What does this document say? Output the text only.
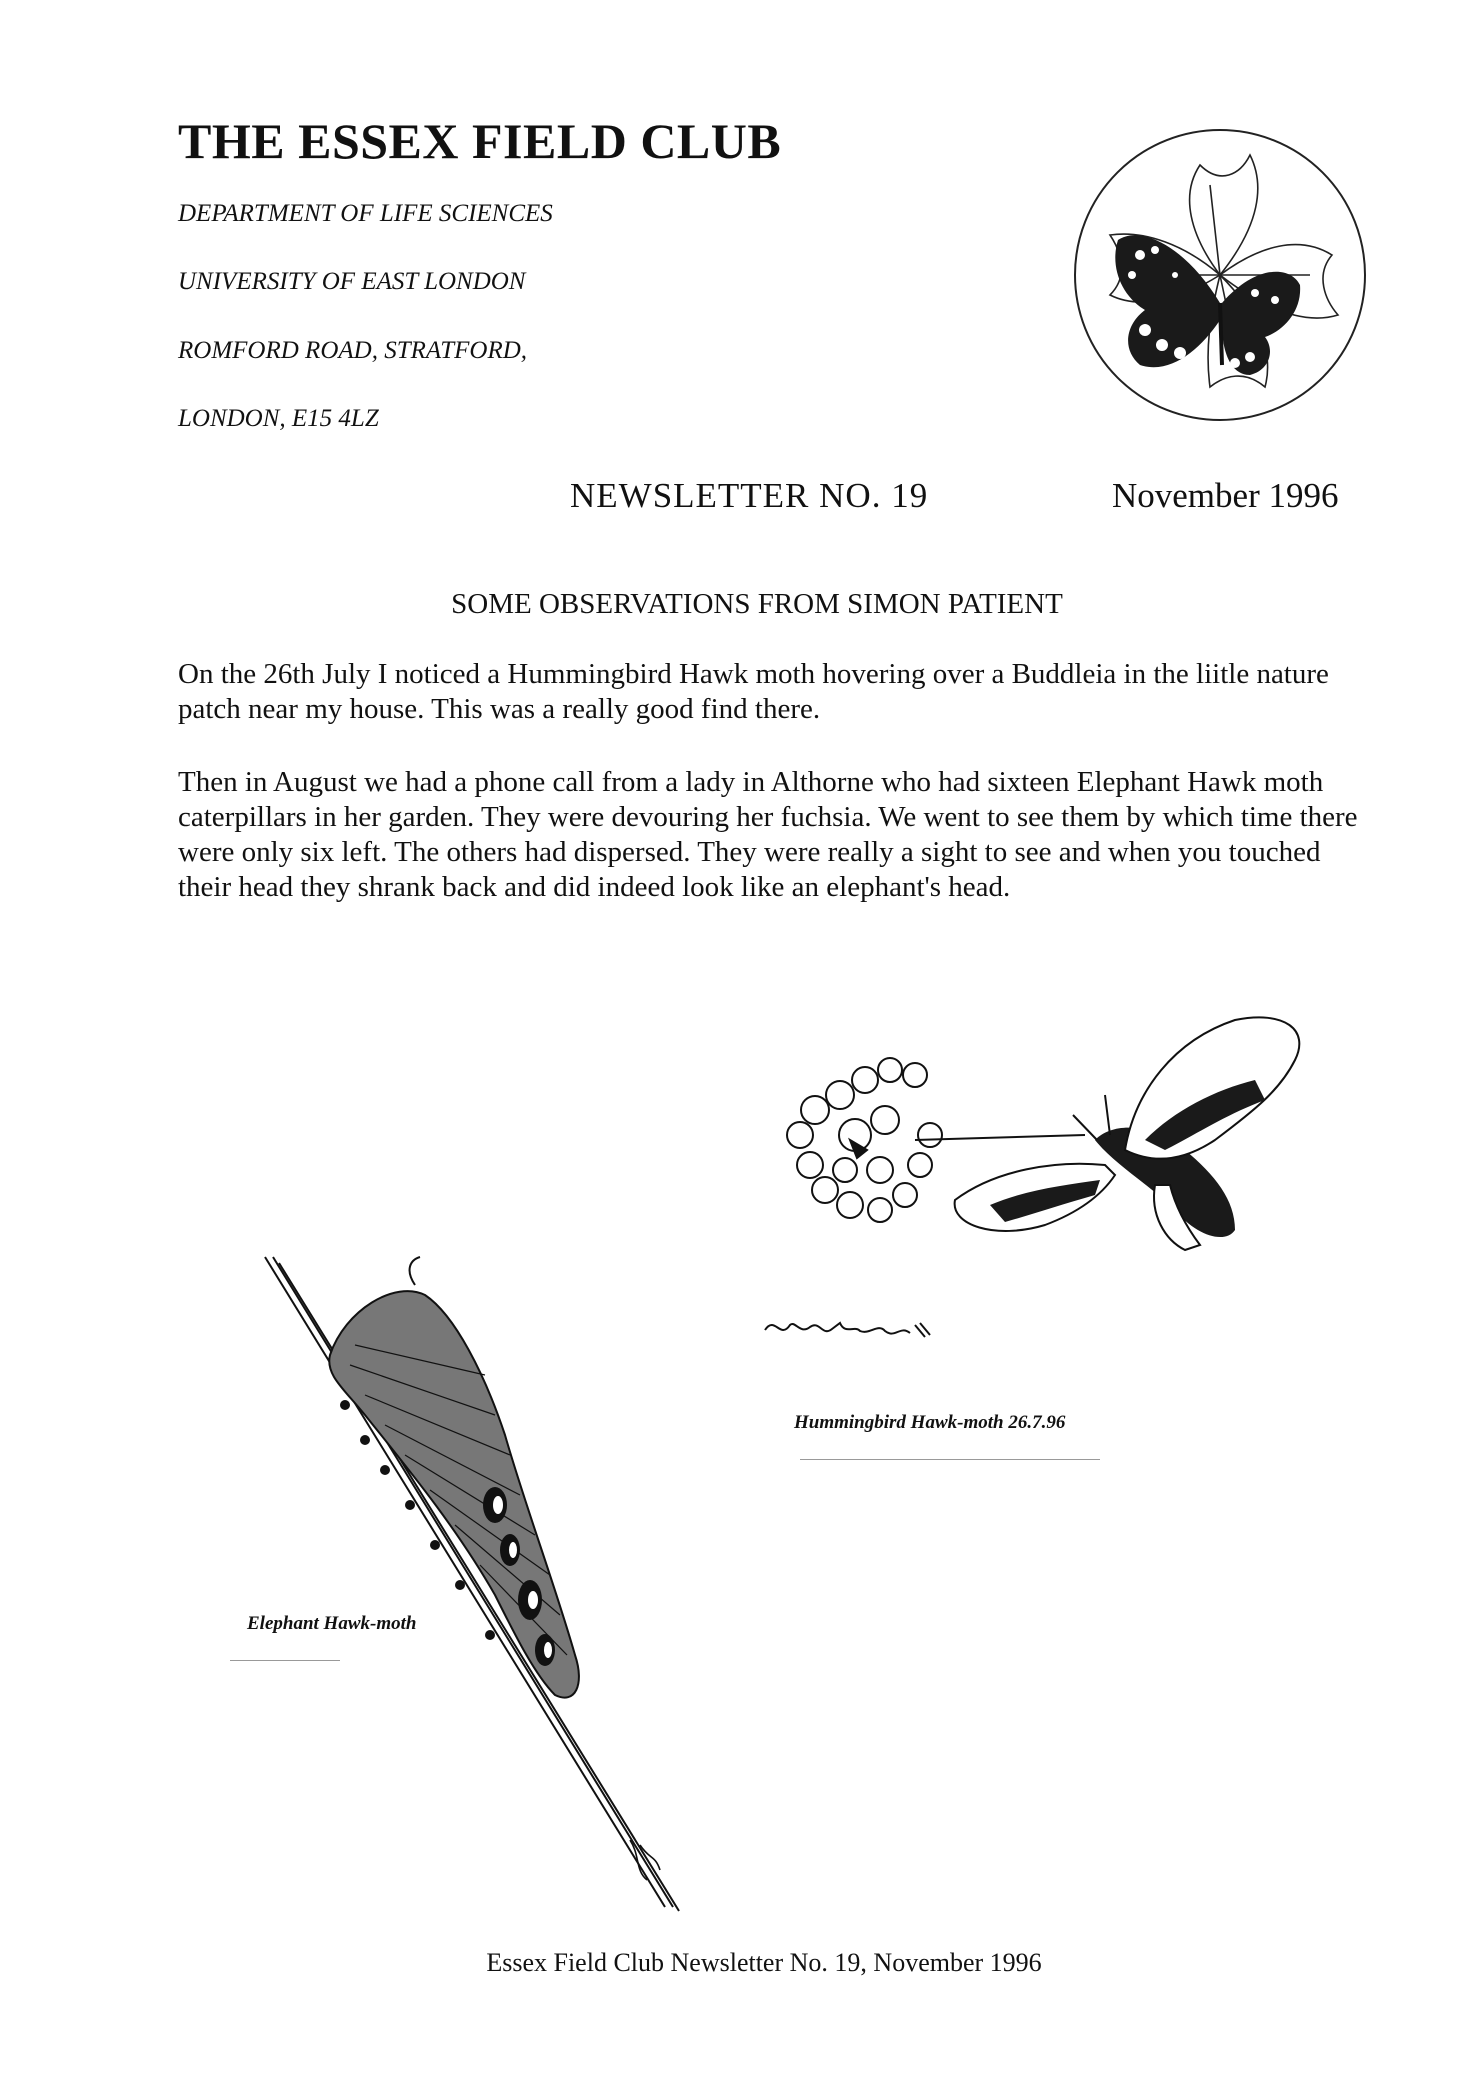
THE ESSEX FIELD CLUB
DEPARTMENT OF LIFE SCIENCES
UNIVERSITY OF EAST LONDON
ROMFORD ROAD, STRATFORD,
LONDON, E15 4LZ
NEWSLETTER NO. 19	November 1996
SOME OBSERVATIONS FROM SIMON PATIENT

On the 26th July I noticed a Hummingbird Hawk moth hovering over a Buddleia in the liitle nature patch near my house. This was a really good find there.

Then in August we had a phone call from a lady in Althorne who had sixteen Elephant Hawk moth caterpillars in her garden. They were devouring her fuchsia. We went to see them by which time there were only six left. The others had dispersed. They were really a sight to see and when you touched their head they shrank back and did indeed look like an elephant's head.

Hummingbird Hawk-moth 26.7.96
Elephant Hawk-moth
Essex Field Club Newsletter No. 19, November 1996
